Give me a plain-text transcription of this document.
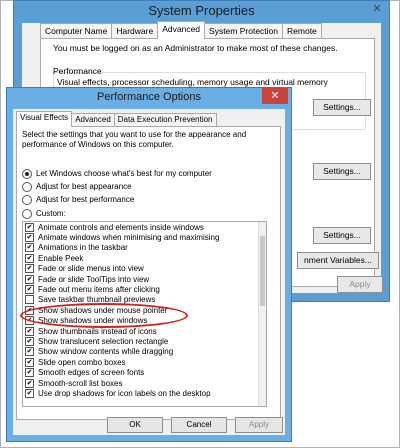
System Properties	✕
Computer Name	Hardware	Advanced	System Protection	Remote
You must be logged on as an Administrator to make most of these changes.
Performance
Visual effects, processor scheduling, memory usage and virtual memory
Settings...
Settings...
Settings...
nment Variables...
Apply
Performance Options	✕
Visual Effects Advanced Data Execution Prevention
Select the settings that you want to use for the appearance and performance of Windows on this computer.
Let Windows choose what's best for my computer
Adjust for best appearance
Adjust for best performance
Custom:
✔ Animate controls and elements inside windows
✔ Animate windows when minimising and maximising
✔ Animations in the taskbar
✔ Enable Peek
✔ Fade or slide menus into view
✔ Fade or slide ToolTips into view
✔ Fade out menu items after clicking
Save taskbar thumbnail previews
✔ Show shadows under mouse pointer
✔ Show shadows under windows
✔ Show thumbnails instead of icons
✔ Show translucent selection rectangle
✔ Show window contents while dragging
✔ Slide open combo boxes
✔ Smooth edges of screen fonts
✔ Smooth-scroll list boxes
✔ Use drop shadows for icon labels on the desktop
OK	Cancel	Apply
